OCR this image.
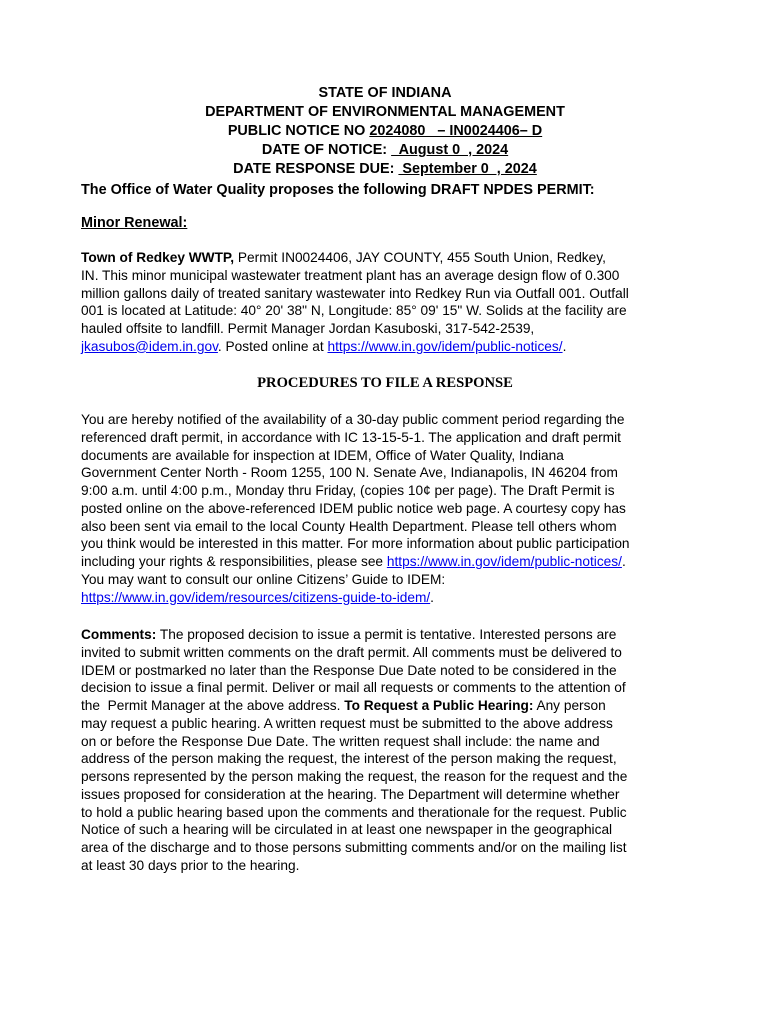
STATE OF INDIANA
DEPARTMENT OF ENVIRONMENTAL MANAGEMENT
PUBLIC NOTICE NO 2024080   – IN0024406– D
DATE OF NOTICE:   August 0  , 2024
DATE RESPONSE DUE:  September 0  , 2024
The Office of Water Quality proposes the following DRAFT NPDES PERMIT:
Minor Renewal:
Town of Redkey WWTP, Permit IN0024406, JAY COUNTY, 455 South Union, Redkey,
IN. This minor municipal wastewater treatment plant has an average design flow of 0.300
million gallons daily of treated sanitary wastewater into Redkey Run via Outfall 001. Outfall
001 is located at Latitude: 40° 20' 38" N, Longitude: 85° 09' 15" W. Solids at the facility are
hauled offsite to landfill. Permit Manager Jordan Kasuboski, 317-542-2539,
jkasubos@idem.in.gov. Posted online at https://www.in.gov/idem/public-notices/.
PROCEDURES TO FILE A RESPONSE
You are hereby notified of the availability of a 30-day public comment period regarding the
referenced draft permit, in accordance with IC 13-15-5-1. The application and draft permit
documents are available for inspection at IDEM, Office of Water Quality, Indiana
Government Center North - Room 1255, 100 N. Senate Ave, Indianapolis, IN 46204 from
9:00 a.m. until 4:00 p.m., Monday thru Friday, (copies 10¢ per page). The Draft Permit is
posted online on the above-referenced IDEM public notice web page. A courtesy copy has
also been sent via email to the local County Health Department. Please tell others whom
you think would be interested in this matter. For more information about public participation
including your rights & responsibilities, please see https://www.in.gov/idem/public-notices/.
You may want to consult our online Citizens’ Guide to IDEM:
https://www.in.gov/idem/resources/citizens-guide-to-idem/.
Comments: The proposed decision to issue a permit is tentative. Interested persons are
invited to submit written comments on the draft permit. All comments must be delivered to
IDEM or postmarked no later than the Response Due Date noted to be considered in the
decision to issue a final permit. Deliver or mail all requests or comments to the attention of
the  Permit Manager at the above address. To Request a Public Hearing: Any person
may request a public hearing. A written request must be submitted to the above address
on or before the Response Due Date. The written request shall include: the name and
address of the person making the request, the interest of the person making the request,
persons represented by the person making the request, the reason for the request and the
issues proposed for consideration at the hearing. The Department will determine whether
to hold a public hearing based upon the comments and therationale for the request. Public
Notice of such a hearing will be circulated in at least one newspaper in the geographical
area of the discharge and to those persons submitting comments and/or on the mailing list
at least 30 days prior to the hearing.
